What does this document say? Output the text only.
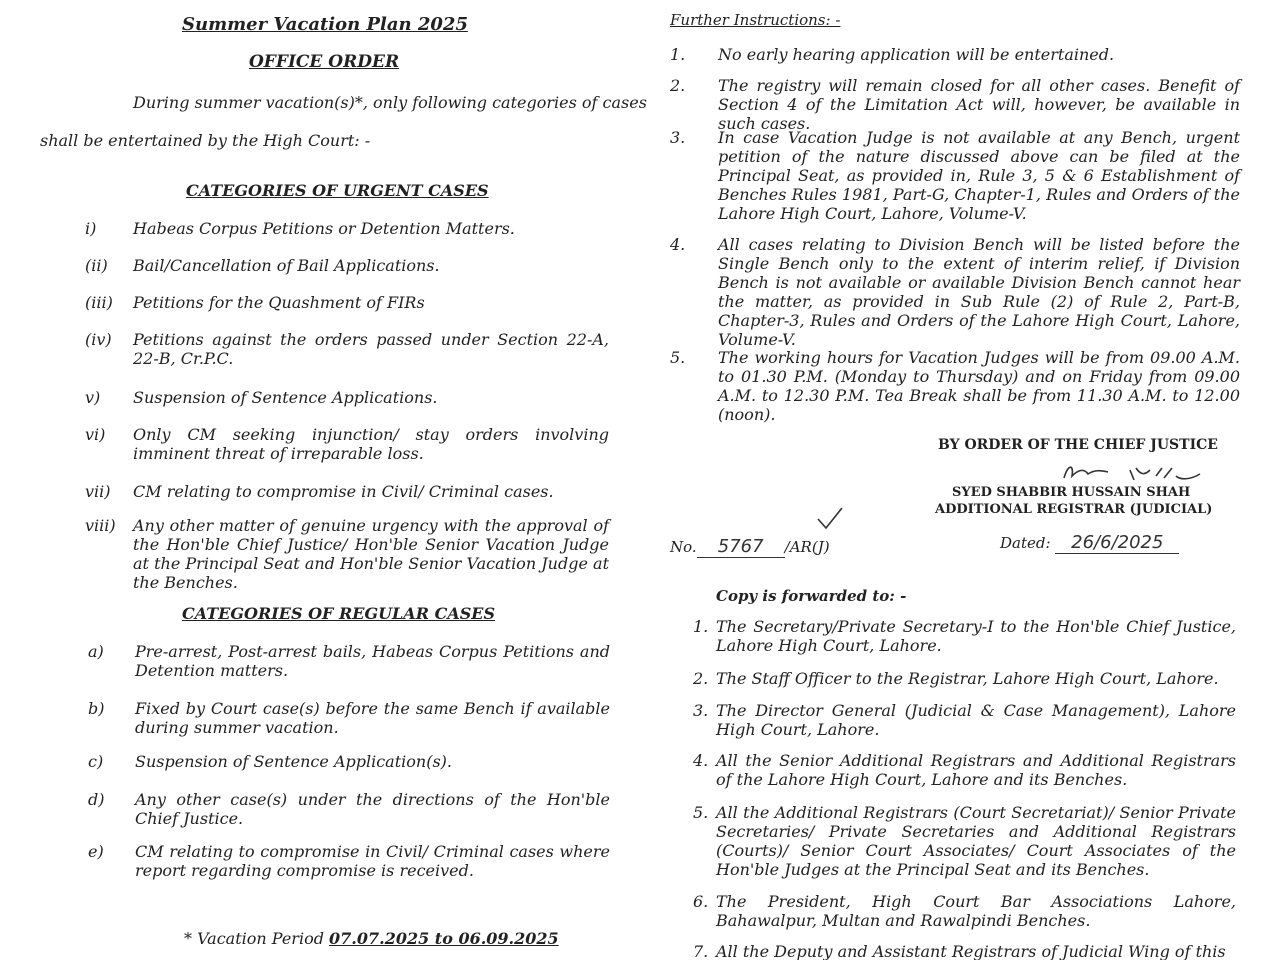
Summer Vacation Plan 2025
OFFICE ORDER
During summer vacation(s)*, only following categories of cases
shall be entertained by the High Court: -
CATEGORIES OF URGENT CASES
i) Habeas Corpus Petitions or Detention Matters.
(ii) Bail/Cancellation of Bail Applications.
(iii) Petitions for the Quashment of FIRs
(iv) Petitions against the orders passed under Section 22-A, 22-B, Cr.P.C.
v) Suspension of Sentence Applications.
vi) Only CM seeking injunction/ stay orders involving imminent threat of irreparable loss.
vii) CM relating to compromise in Civil/ Criminal cases.
viii) Any other matter of genuine urgency with the approval of the Hon'ble Chief Justice/ Hon'ble Senior Vacation Judge at the Principal Seat and Hon'ble Senior Vacation Judge at the Benches.
CATEGORIES OF REGULAR CASES
a) Pre-arrest, Post-arrest bails, Habeas Corpus Petitions and Detention matters.
b) Fixed by Court case(s) before the same Bench if available during summer vacation.
c) Suspension of Sentence Application(s).
d) Any other case(s) under the directions of the Hon'ble Chief Justice.
e) CM relating to compromise in Civil/ Criminal cases where report regarding compromise is received.
* Vacation Period 07.07.2025 to 06.09.2025
Further Instructions: -
1. No early hearing application will be entertained.
2. The registry will remain closed for all other cases. Benefit of Section 4 of the Limitation Act will, however, be available in such cases.
3. In case Vacation Judge is not available at any Bench, urgent petition of the nature discussed above can be filed at the Principal Seat, as provided in, Rule 3, 5 & 6 Establishment of Benches Rules 1981, Part-G, Chapter-1, Rules and Orders of the Lahore High Court, Lahore, Volume-V.
4. All cases relating to Division Bench will be listed before the Single Bench only to the extent of interim relief, if Division Bench is not available or available Division Bench cannot hear the matter, as provided in Sub Rule (2) of Rule 2, Part-B, Chapter-3, Rules and Orders of the Lahore High Court, Lahore, Volume-V.
5. The working hours for Vacation Judges will be from 09.00 A.M. to 01.30 P.M. (Monday to Thursday) and on Friday from 09.00 A.M. to 12.30 P.M. Tea Break shall be from 11.30 A.M. to 12.00 (noon).
BY ORDER OF THE CHIEF JUSTICE
SYED SHABBIR HUSSAIN SHAH
ADDITIONAL REGISTRAR (JUDICIAL)
No. 5767 /AR(J)	Dated: 26/6/2025
Copy is forwarded to: -
1. The Secretary/Private Secretary-I to the Hon'ble Chief Justice, Lahore High Court, Lahore.
2. The Staff Officer to the Registrar, Lahore High Court, Lahore.
3. The Director General (Judicial & Case Management), Lahore High Court, Lahore.
4. All the Senior Additional Registrars and Additional Registrars of the Lahore High Court, Lahore and its Benches.
5. All the Additional Registrars (Court Secretariat)/ Senior Private Secretaries/ Private Secretaries and Additional Registrars (Courts)/ Senior Court Associates/ Court Associates of the Hon'ble Judges at the Principal Seat and its Benches.
6. The President, High Court Bar Associations Lahore, Bahawalpur, Multan and Rawalpindi Benches.
7. All the Deputy and Assistant Registrars of Judicial Wing of this
